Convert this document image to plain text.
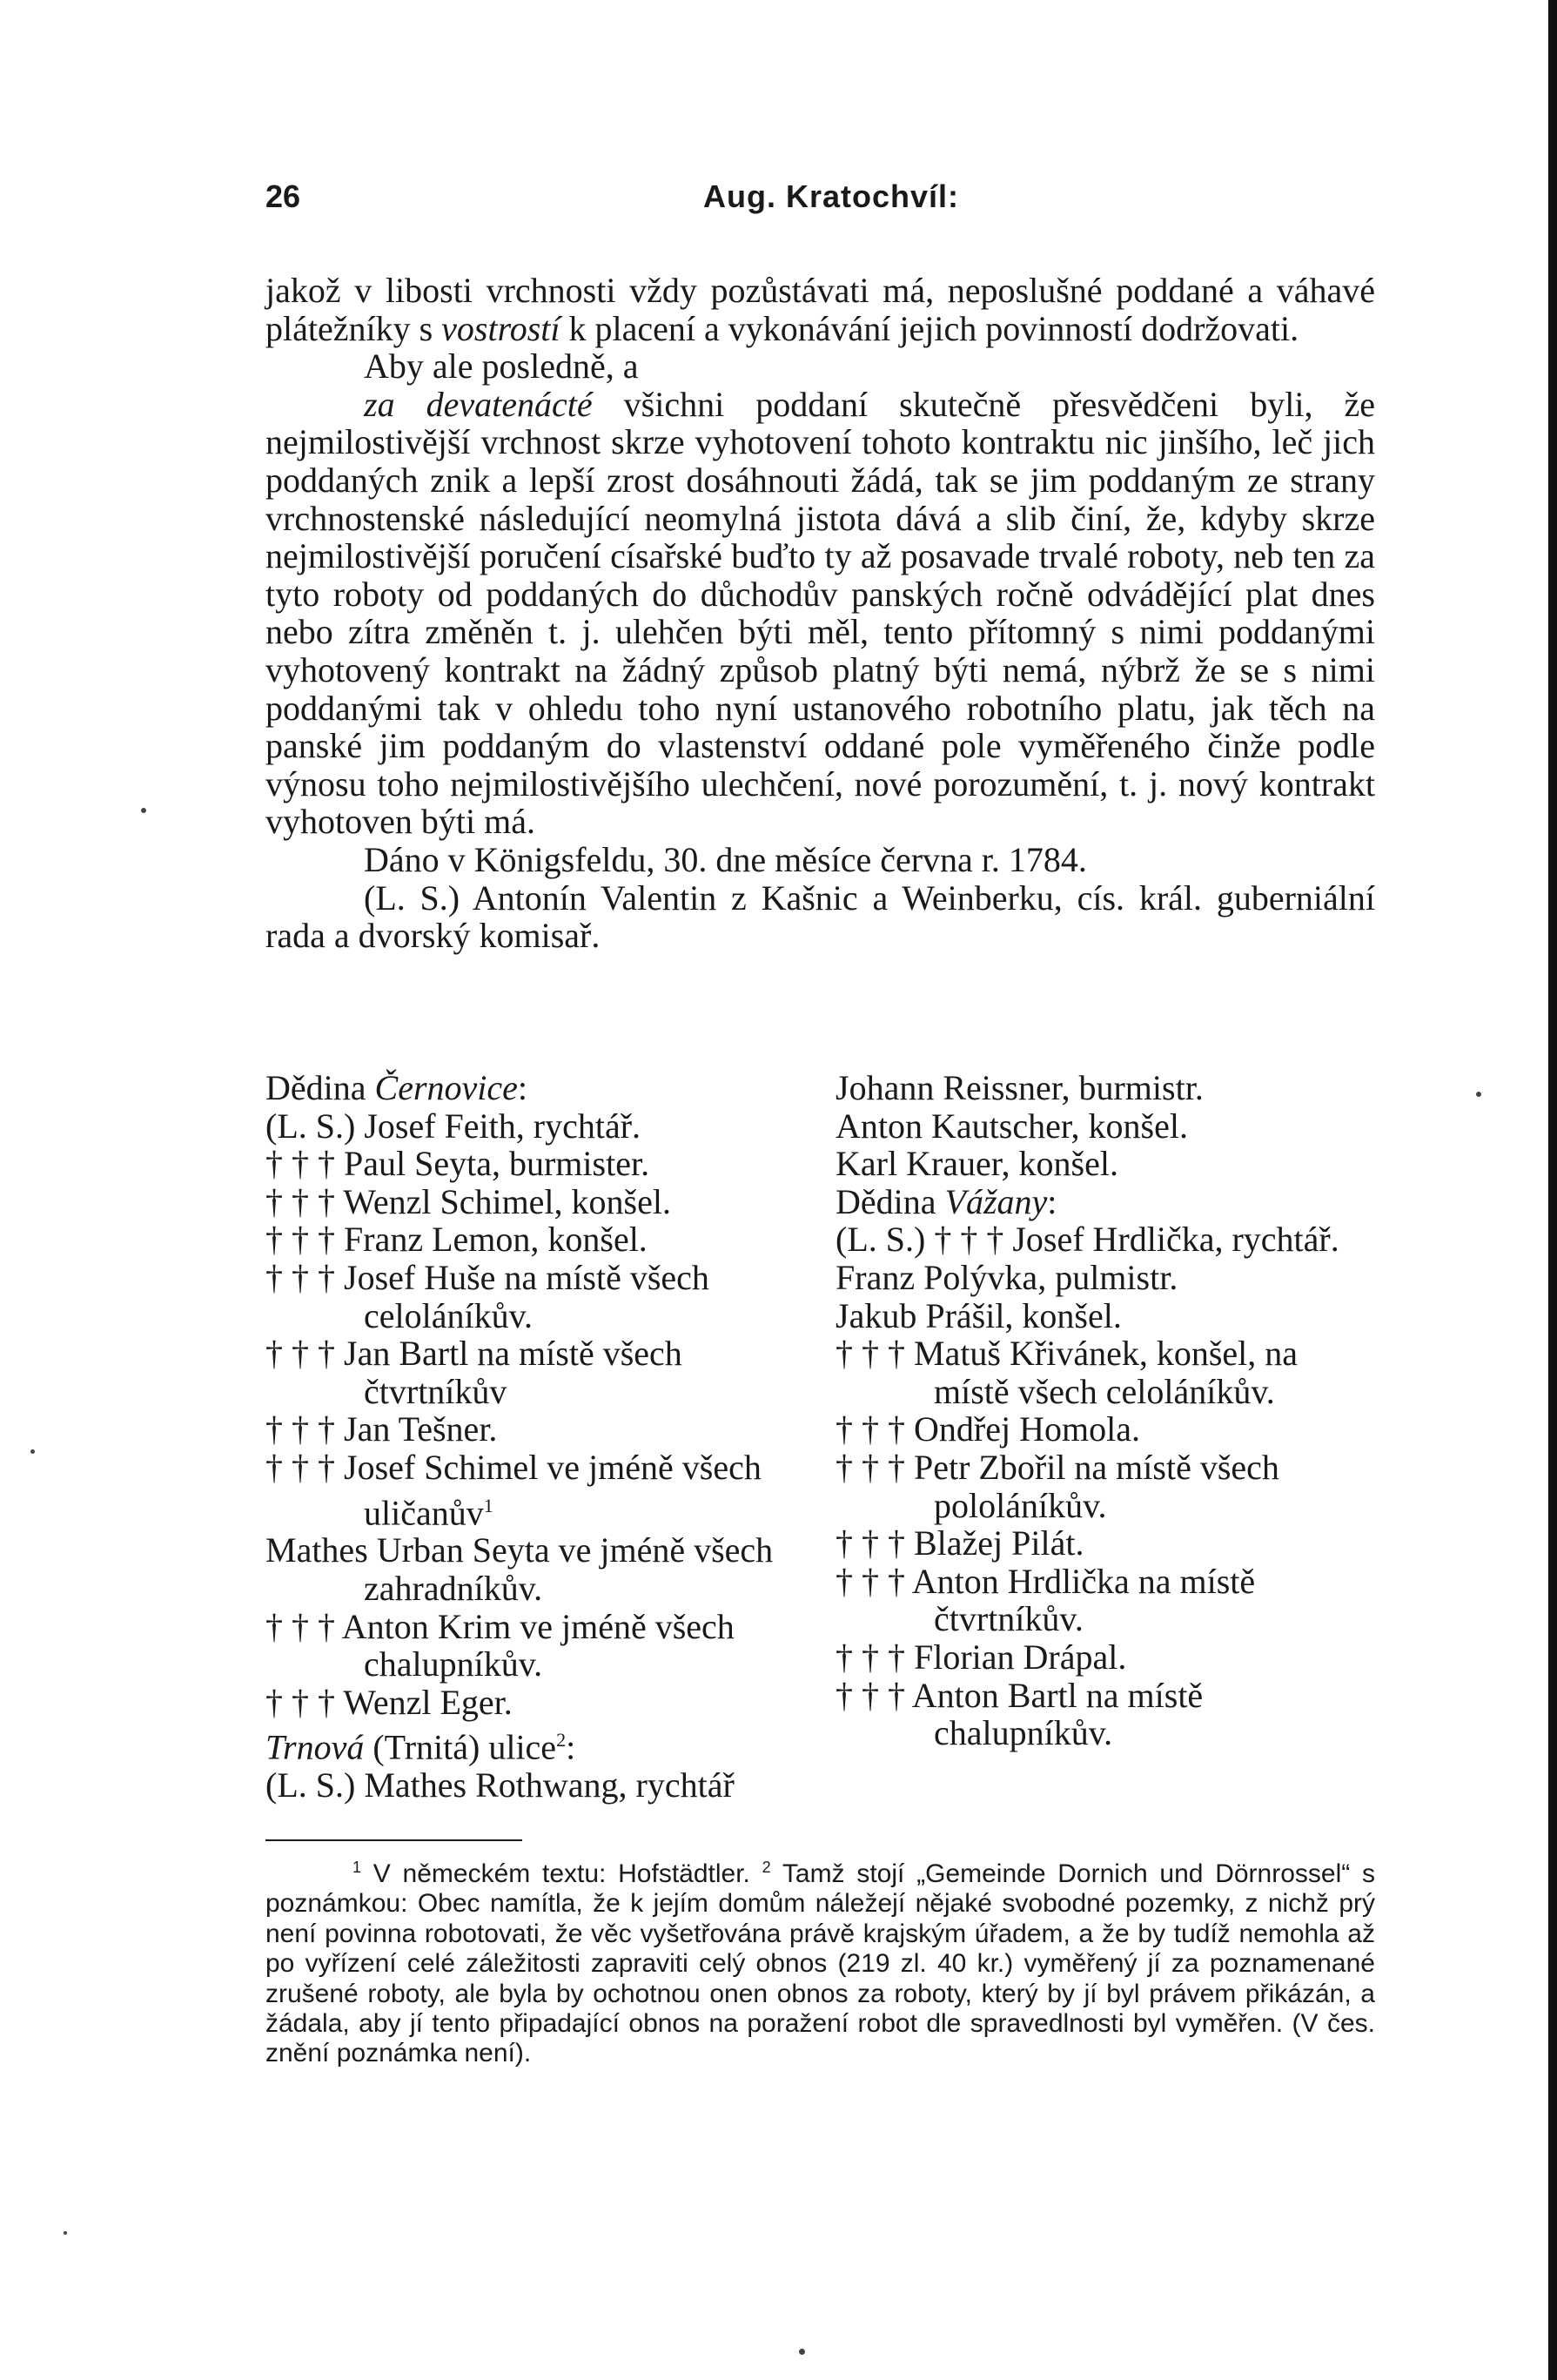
26	Aug. Kratochvíl:

jakož v libosti vrchnosti vždy pozůstávati má, neposlušné poddané a váhavé plátežníky s vostrostí k placení a vykonávání jejich povinností dodržovati.

Aby ale posledně, a

za devatenácté všichni poddaní skutečně přesvědčeni byli, že nejmilostivější vrchnost skrze vyhotovení tohoto kontraktu nic jinšího, leč jich poddaných znik a lepší zrost dosáhnouti žádá, tak se jim poddaným ze strany vrchnostenské následující neomylná jistota dává a slib činí, že, kdyby skrze nejmilostivější poručení císařské buďto ty až posavade trvalé roboty, neb ten za tyto roboty od poddaných do důchodův panských ročně odvádějící plat dnes nebo zítra změněn t. j. ulehčen býti měl, tento přítomný s nimi poddanými vyhotovený kontrakt na žádný způsob platný býti nemá, nýbrž že se s nimi poddanými tak v ohledu toho nyní ustanového robotního platu, jak těch na panské jim poddaným do vlastenství oddané pole vyměřeného činže podle výnosu toho nejmilostivějšího ulechčení, nové porozumění, t. j. nový kontrakt vyhotoven býti má.

Dáno v Königsfeldu, 30. dne měsíce června r. 1784.

(L. S.) Antonín Valentin z Kašnic a Weinberku, cís. král. guberniální rada a dvorský komisař.

Dědina Černovice:

(L. S.) Josef Feith, rychtář.

† † † Paul Seyta, burmister.

† † † Wenzl Schimel, konšel.

† † † Franz Lemon, konšel.

† † † Josef Huše na místě všech celoláníkův.

† † † Jan Bartl na místě všech čtvrtníkův

† † † Jan Tešner.

† † † Josef Schimel ve jméně všech uličanův$^1$

Mathes Urban Seyta ve jméně všech zahradníkův.

† † † Anton Krim ve jméně všech chalupníkův.

† † † Wenzl Eger.

Trnová (Trnitá) ulice$^2$:

(L. S.) Mathes Rothwang, rychtář

Johann Reissner, burmistr.

Anton Kautscher, konšel.

Karl Krauer, konšel.

Dědina Vážany:

(L. S.) † † † Josef Hrdlička, rychtář.

Franz Polývka, pulmistr.

Jakub Prášil, konšel.

† † † Matuš Křivánek, konšel, na místě všech celoláníkův.

† † † Ondřej Homola.

† † † Petr Zbořil na místě všech pololáníkův.

† † † Blažej Pilát.

† † † Anton Hrdlička na místě čtvrtníkův.

† † † Florian Drápal.

† † † Anton Bartl na místě chalupníkův.

$^1$ V německém textu: Hofstädtler. $^2$ Tamž stojí „Gemeinde Dornich und Dörnrossel“ s poznámkou: Obec namítla, že k jejím domům náležejí nějaké svobodné pozemky, z nichž prý není povinna robotovati, že věc vyšetřována právě krajským úřadem, a že by tudíž nemohla až po vyřízení celé záležitosti zapraviti celý obnos (219 zl. 40 kr.) vyměřený jí za poznamenané zrušené roboty, ale byla by ochotnou onen obnos za roboty, který by jí byl právem přikázán, a žádala, aby jí tento připadající obnos na poražení robot dle spravedlnosti byl vyměřen. (V čes. znění poznámka není).
